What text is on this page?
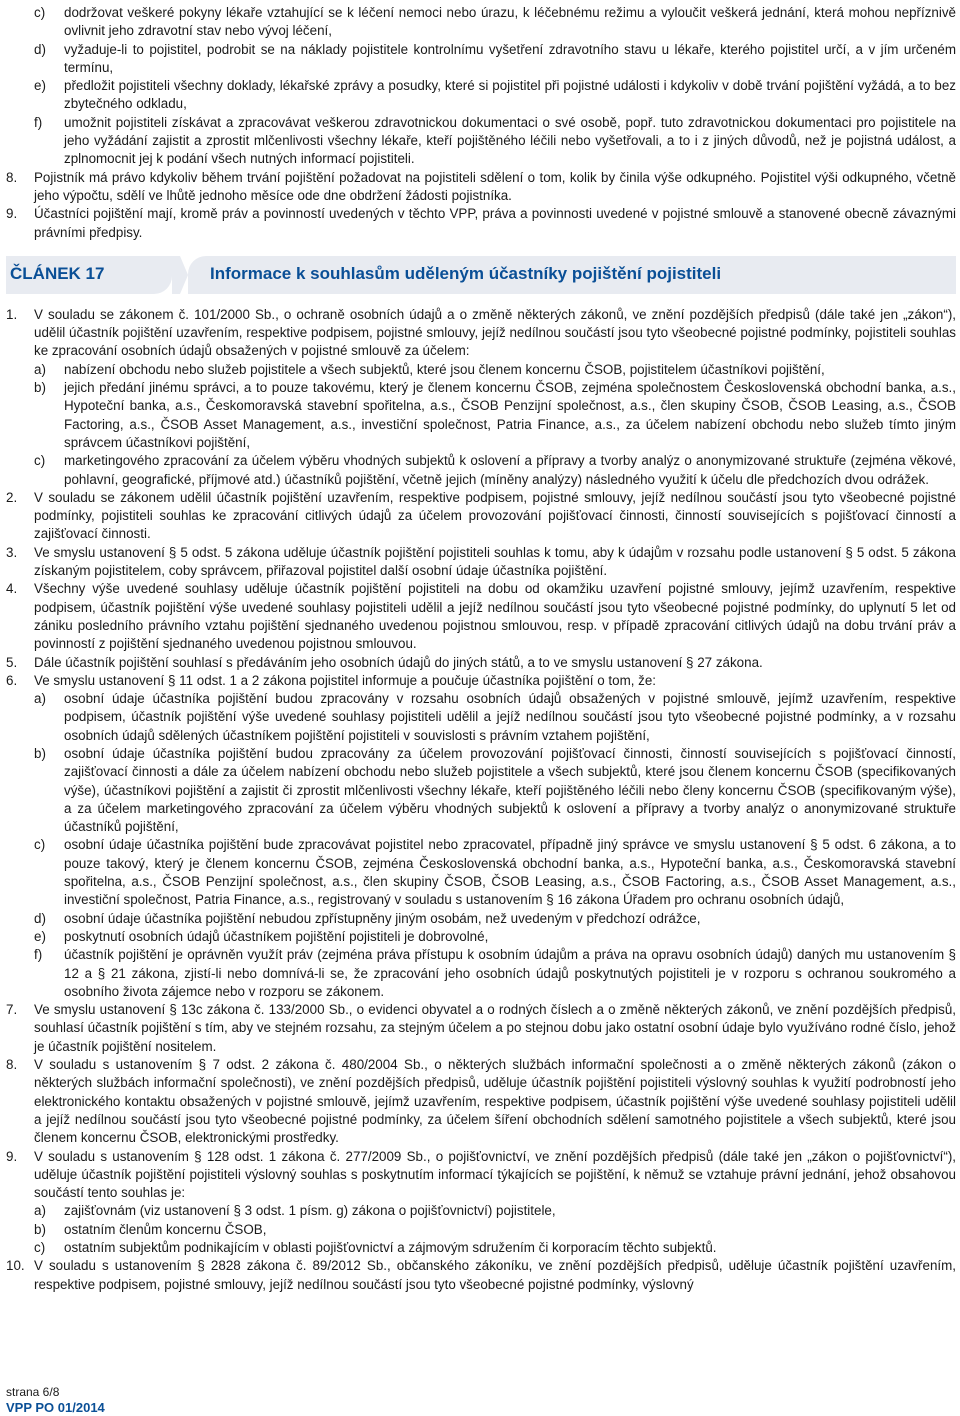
c)	dodržovat veškeré pokyny lékaře vztahující se k léčení nemoci nebo úrazu, k léčebnému režimu a vyloučit veškerá jednání, která mohou nepříznivě ovlivnit jeho zdravotní stav nebo vývoj léčení,
d)	vyžaduje-li to pojistitel, podrobit se na náklady pojistitele kontrolnímu vyšetření zdravotního stavu u lékaře, kterého pojistitel určí, a v jím určeném termínu,
e)	předložit pojistiteli všechny doklady, lékařské zprávy a posudky, které si pojistitel při pojistné události i kdykoliv v době trvání pojištění vyžádá, a to bez zbytečného odkladu,
f)	umožnit pojistiteli získávat a zpracovávat veškerou zdravotnickou dokumentaci o své osobě, popř. tuto zdravotnickou dokumentaci pro pojistitele na jeho vyžádání zajistit a zprostit mlčenlivosti všechny lékaře, kteří pojištěného léčili nebo vyšetřovali, a to i z jiných důvodů, než je pojistná událost, a zplnomocnit jej k podání všech nutných informací pojistiteli.
8.	Pojistník má právo kdykoliv během trvání pojištění požadovat na pojistiteli sdělení o tom, kolik by činila výše odkupného. Pojistitel výši odkupného, včetně jeho výpočtu, sdělí ve lhůtě jednoho měsíce ode dne obdržení žádosti pojistníka.
9.	Účastníci pojištění mají, kromě práv a povinností uvedených v těchto VPP, práva a povinnosti uvedené v pojistné smlouvě a stanovené obecně závaznými právními předpisy.
ČLÁNEK 17	Informace k souhlasům uděleným účastníky pojištění pojistiteli
1.	V souladu se zákonem č. 101/2000 Sb., o ochraně osobních údajů a o změně některých zákonů, ve znění pozdějších předpisů (dále také jen „zákon“), udělil účastník pojištění uzavřením, respektive podpisem, pojistné smlouvy, jejíž nedílnou součástí jsou tyto všeobecné pojistné podmínky, pojistiteli souhlas ke zpracování osobních údajů obsažených v pojistné smlouvě za účelem:
a)	nabízení obchodu nebo služeb pojistitele a všech subjektů, které jsou členem koncernu ČSOB, pojistitelem účastníkovi pojištění,
b)	jejich předání jinému správci, a to pouze takovému, který je členem koncernu ČSOB, zejména společnostem Československá obchodní banka, a.s., Hypoteční banka, a.s., Českomoravská stavební spořitelna, a.s., ČSOB Penzijní společnost, a.s., člen skupiny ČSOB, ČSOB Leasing, a.s., ČSOB Factoring, a.s., ČSOB Asset Management, a.s., investiční společnost, Patria Finance, a.s., za účelem nabízení obchodu nebo služeb tímto jiným správcem účastníkovi pojištění,
c)	marketingového zpracování za účelem výběru vhodných subjektů k oslovení a přípravy a tvorby analýz o anonymizované struktuře (zejména věkové, pohlavní, geografické, příjmové atd.) účastníků pojištění, včetně jejich (míněny analýzy) následného využití k účelu dle předchozích dvou odrážek.
2.	V souladu se zákonem udělil účastník pojištění uzavřením, respektive podpisem, pojistné smlouvy, jejíž nedílnou součástí jsou tyto všeobecné pojistné podmínky, pojistiteli souhlas ke zpracování citlivých údajů za účelem provozování pojišťovací činnosti, činností souvisejících s pojišťovací činností a zajišťovací činnosti.
3.	Ve smyslu ustanovení § 5 odst. 5 zákona uděluje účastník pojištění pojistiteli souhlas k tomu, aby k údajům v rozsahu podle ustanovení § 5 odst. 5 zákona získaným pojistitelem, coby správcem, přiřazoval pojistitel další osobní údaje účastníka pojištění.
4.	Všechny výše uvedené souhlasy uděluje účastník pojištění pojistiteli na dobu od okamžiku uzavření pojistné smlouvy, jejímž uzavřením, respektive podpisem, účastník pojištění výše uvedené souhlasy pojistiteli udělil a jejíž nedílnou součástí jsou tyto všeobecné pojistné podmínky, do uplynutí 5 let od zániku posledního právního vztahu pojištění sjednaného uvedenou pojistnou smlouvou, resp. v případě zpracování citlivých údajů na dobu trvání práv a povinností z pojištění sjednaného uvedenou pojistnou smlouvou.
5.	Dále účastník pojištění souhlasí s předáváním jeho osobních údajů do jiných států, a to ve smyslu ustanovení § 27 zákona.
6.	Ve smyslu ustanovení § 11 odst. 1 a 2 zákona pojistitel informuje a poučuje účastníka pojištění o tom, že:
a)	osobní údaje účastníka pojištění budou zpracovány v rozsahu osobních údajů obsažených v pojistné smlouvě, jejímž uzavřením, respektive podpisem, účastník pojištění výše uvedené souhlasy pojistiteli udělil a jejíž nedílnou součástí jsou tyto všeobecné pojistné podmínky, a v rozsahu osobních údajů sdělených účastníkem pojištění pojistiteli v souvislosti s právním vztahem pojištění,
b)	osobní údaje účastníka pojištění budou zpracovány za účelem provozování pojišťovací činnosti, činností souvisejících s pojišťovací činností, zajišťovací činnosti a dále za účelem nabízení obchodu nebo služeb pojistitele a všech subjektů, které jsou členem koncernu ČSOB (specifikovaných výše), účastníkovi pojištění a zajistit či zprostit mlčenlivosti všechny lékaře, kteří pojištěného léčili nebo členy koncernu ČSOB (specifikovaným výše), a za účelem marketingového zpracování za účelem výběru vhodných subjektů k oslovení a přípravy a tvorby analýz o anonymizované struktuře účastníků pojištění,
c)	osobní údaje účastníka pojištění bude zpracovávat pojistitel nebo zpracovatel, případně jiný správce ve smyslu ustanovení § 5 odst. 6 zákona, a to pouze takový, který je členem koncernu ČSOB, zejména Československá obchodní banka, a.s., Hypoteční banka, a.s., Českomoravská stavební spořitelna, a.s., ČSOB Penzijní společnost, a.s., člen skupiny ČSOB, ČSOB Leasing, a.s., ČSOB Factoring, a.s., ČSOB Asset Management, a.s., investiční společnost, Patria Finance, a.s., registrovaný v souladu s ustanovením § 16 zákona Úřadem pro ochranu osobních údajů,
d)	osobní údaje účastníka pojištění nebudou zpřístupněny jiným osobám, než uvedeným v předchozí odrážce,
e)	poskytnutí osobních údajů účastníkem pojištění pojistiteli je dobrovolné,
f)	účastník pojištění je oprávněn využít práv (zejména práva přístupu k osobním údajům a práva na opravu osobních údajů) daných mu ustanovením § 12 a § 21 zákona, zjistí-li nebo domnívá-li se, že zpracování jeho osobních údajů poskytnutých pojistiteli je v rozporu s ochranou soukromého a osobního života zájemce nebo v rozporu se zákonem.
7.	Ve smyslu ustanovení § 13c zákona č. 133/2000 Sb., o evidenci obyvatel a o rodných číslech a o změně některých zákonů, ve znění pozdějších předpisů, souhlasí účastník pojištění s tím, aby ve stejném rozsahu, za stejným účelem a po stejnou dobu jako ostatní osobní údaje bylo využíváno rodné číslo, jehož je účastník pojištění nositelem.
8.	V souladu s ustanovením § 7 odst. 2 zákona č. 480/2004 Sb., o některých službách informační společnosti a o změně některých zákonů (zákon o některých službách informační společnosti), ve znění pozdějších předpisů, uděluje účastník pojištění pojistiteli výslovný souhlas k využití podrobností jeho elektronického kontaktu obsažených v pojistné smlouvě, jejímž uzavřením, respektive podpisem, účastník pojištění výše uvedené souhlasy pojistiteli udělil a jejíž nedílnou součástí jsou tyto všeobecné pojistné podmínky, za účelem šíření obchodních sdělení samotného pojistitele a všech subjektů, které jsou členem koncernu ČSOB, elektronickými prostředky.
9.	V souladu s ustanovením § 128 odst. 1 zákona č. 277/2009 Sb., o pojišťovnictví, ve znění pozdějších předpisů (dále také jen „zákon o pojišťovnictví“), uděluje účastník pojištění pojistiteli výslovný souhlas s poskytnutím informací týkajících se pojištění, k němuž se vztahuje právní jednání, jehož obsahovou součástí tento souhlas je:
a)	zajišťovnám (viz ustanovení § 3 odst. 1 písm. g) zákona o pojišťovnictví) pojistitele,
b)	ostatním členům koncernu ČSOB,
c)	ostatním subjektům podnikajícím v oblasti pojišťovnictví a zájmovým sdružením či korporacím těchto subjektů.
10. V souladu s ustanovením § 2828 zákona č. 89/2012 Sb., občanského zákoníku, ve znění pozdějších předpisů, uděluje účastník pojištění uzavřením, respektive podpisem, pojistné smlouvy, jejíž nedílnou součástí jsou tyto všeobecné pojistné podmínky, výslovný
strana 6/8
VPP PO 01/2014
